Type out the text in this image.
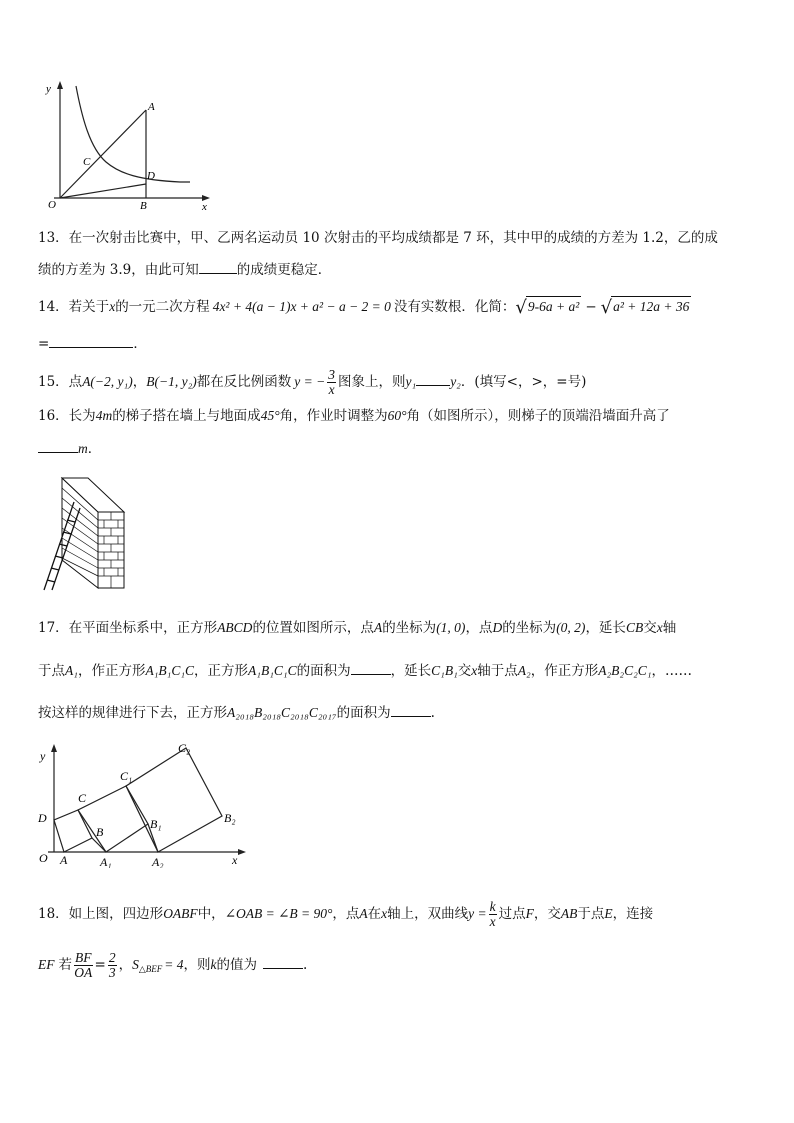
y
x
O
A
B
C
D
13．在一次射击比赛中，甲、乙两名运动员 10 次射击的平均成绩都是 7 环，其中甲的成绩的方差为 1.2，乙的成
绩的方差为 3.9，由此可知	的成绩更稳定．
14．若关于x的一元二次方程 4x² + 4(a − 1)x + a² − a − 2 = 0 没有实数根．化简：√9-6a + a² − √a² + 12a + 36
=	．
15．点A(−2, y₁)，B(−1, y₂)都在反比例函数 y = − $\frac{3}{x}$ 图象上，则y₁	y₂．(填写<，>，=号)
16．长为4m的梯子搭在墙上与地面成45°角，作业时调整为60°角（如图所示），则梯子的顶端沿墙面升高了
m．
17．在平面坐标系中，正方形ABCD的位置如图所示，点A的坐标为(1, 0)，点D的坐标为(0, 2)，延长CB交x轴
于点A₁，作正方形A₁B₁C₁C，正方形A₁B₁C₁C的面积为	，延长C₁B₁交x轴于点A₂，作正方形A₂B₂C₂C₁，……
按这样的规律进行下去，正方形A₂₀₁₈B₂₀₁₈C₂₀₁₈C₂₀₁₇的面积为	.
y
x
O
D
A
B
C
A₁
B₁
C₁
A₂
B₂
C₂
18．如上图，四边形OABF中，∠OAB = ∠B = 90°，点A在x轴上，双曲线$y = \frac{k}{x}$ 过点F，交AB于点E，连接
EF 若 $\frac{BF}{OA} = \frac{2}{3}$ ，$S_{\triangle BEF} = 4$，则k的值为	.
